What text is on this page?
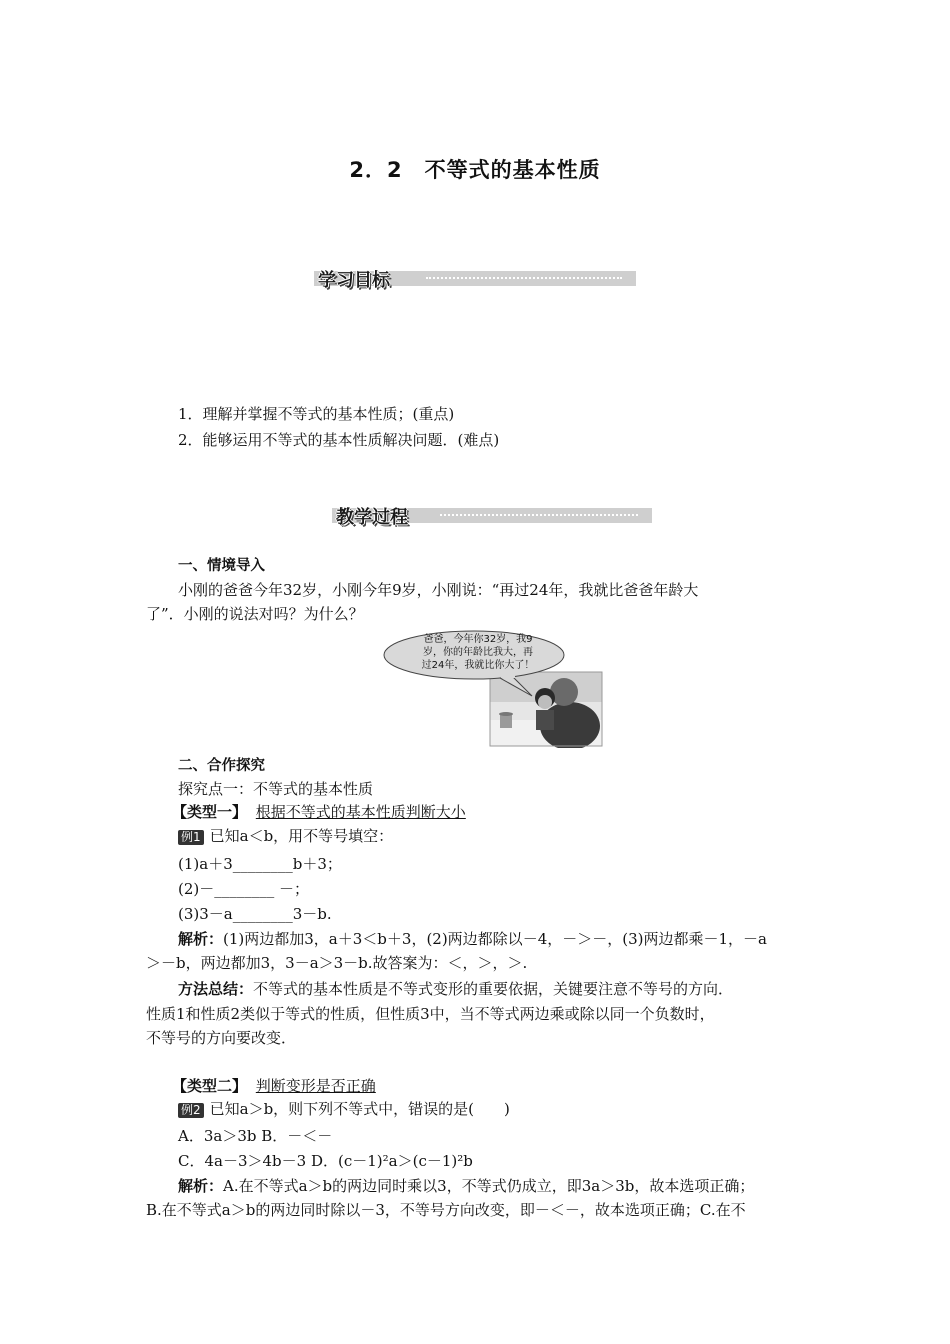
2．2　不等式的基本性质
学习目标
1．理解并掌握不等式的基本性质；(重点)
2．能够运用不等式的基本性质解决问题．(难点)
教学过程
一、情境导入
小刚的爸爸今年32岁，小刚今年9岁，小刚说：“再过24年，我就比爸爸年龄大
了”．小刚的说法对吗？为什么？
爸爸，今年你32岁，我9
岁，你的年龄比我大，再
过24年，我就比你大了！
二、合作探究
探究点一：不等式的基本性质
【类型一】 根据不等式的基本性质判断大小
例1 已知a＜b，用不等号填空：
(1)a＋3________b＋3；
(2)－________ －；
(3)3－a________3－b.
解析：(1)两边都加3，a＋3＜b＋3，(2)两边都除以－4，－＞－，(3)两边都乘－1，－a
＞－b，两边都加3，3－a＞3－b.故答案为：＜，＞，＞.
方法总结：不等式的基本性质是不等式变形的重要依据，关键要注意不等号的方向．
性质1和性质2类似于等式的性质，但性质3中，当不等式两边乘或除以同一个负数时，
不等号的方向要改变．
【类型二】 判断变形是否正确
例2 已知a＞b，则下列不等式中，错误的是(　　)
A．3a＞3b B．－＜－
C．4a－3＞4b－3 D．(c－1)²a＞(c－1)²b
解析：A.在不等式a＞b的两边同时乘以3，不等式仍成立，即3a＞3b，故本选项正确；
B.在不等式a＞b的两边同时除以－3，不等号方向改变，即－＜－，故本选项正确；C.在不
